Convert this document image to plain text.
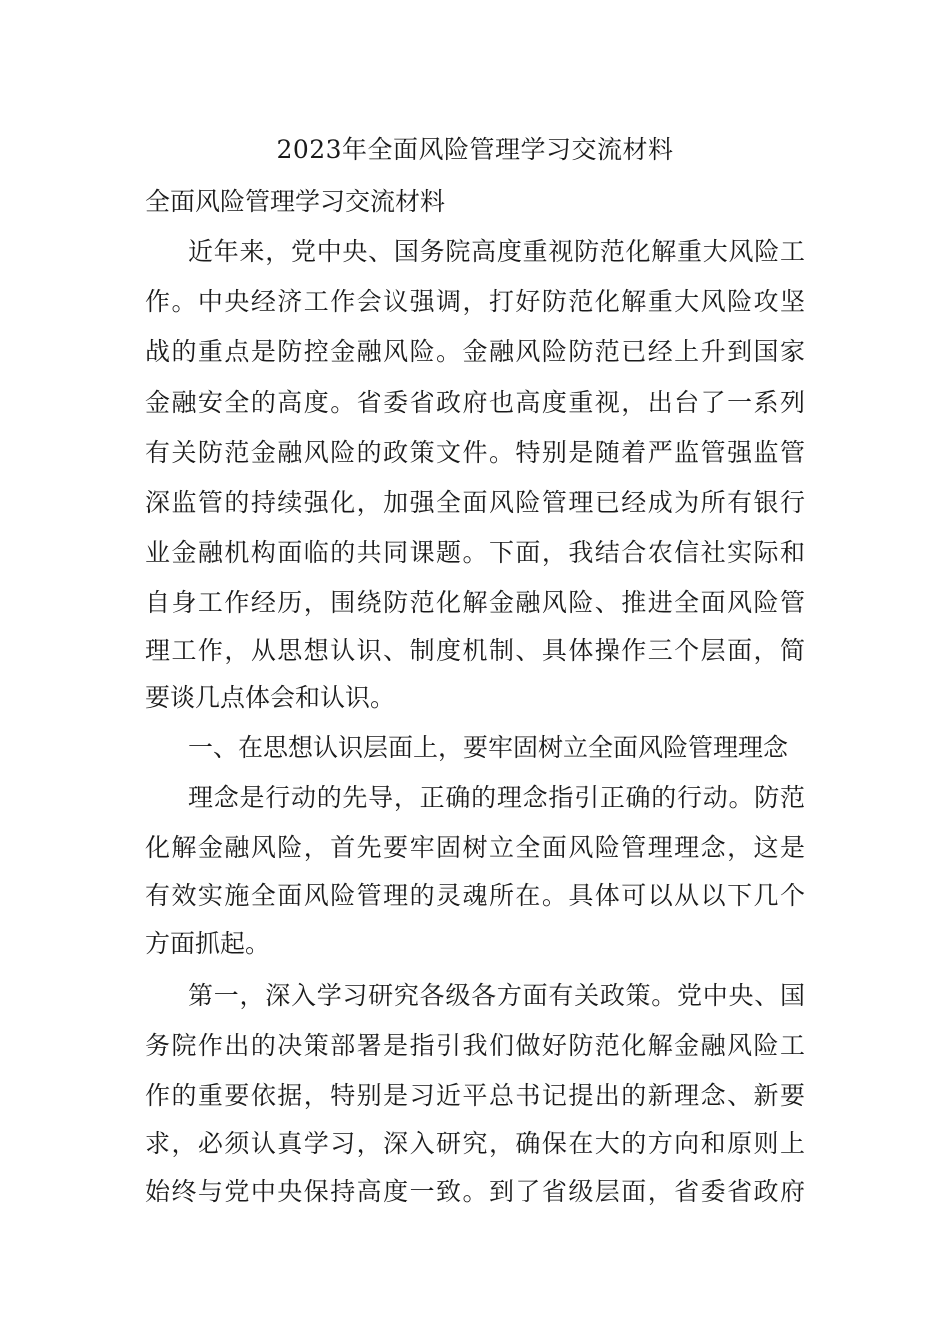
2023年全面风险管理学习交流材料
全面风险管理学习交流材料
近年来，党中央、国务院高度重视防范化解重大风险工
作。中央经济工作会议强调，打好防范化解重大风险攻坚
战的重点是防控金融风险。金融风险防范已经上升到国家
金融安全的高度。省委省政府也高度重视，出台了一系列
有关防范金融风险的政策文件。特别是随着严监管强监管
深监管的持续强化，加强全面风险管理已经成为所有银行
业金融机构面临的共同课题。下面，我结合农信社实际和
自身工作经历，围绕防范化解金融风险、推进全面风险管
理工作，从思想认识、制度机制、具体操作三个层面，简
要谈几点体会和认识。
一、在思想认识层面上，要牢固树立全面风险管理理念
理念是行动的先导，正确的理念指引正确的行动。防范
化解金融风险，首先要牢固树立全面风险管理理念，这是
有效实施全面风险管理的灵魂所在。具体可以从以下几个
方面抓起。
第一，深入学习研究各级各方面有关政策。党中央、国
务院作出的决策部署是指引我们做好防范化解金融风险工
作的重要依据，特别是习近平总书记提出的新理念、新要
求，必须认真学习，深入研究，确保在大的方向和原则上
始终与党中央保持高度一致。到了省级层面，省委省政府
